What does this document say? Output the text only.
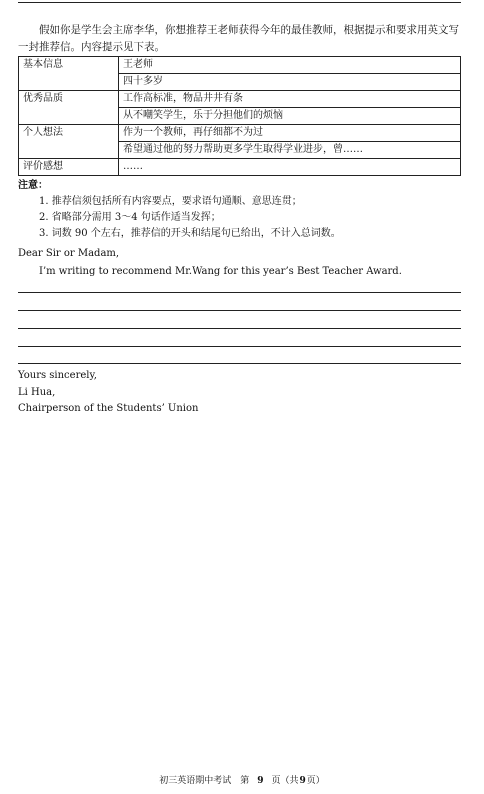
假如你是学生会主席李华，你想推荐王老师获得今年的最佳教师，根据提示和要求用英文写一封推荐信。内容提示见下表。
基本信息	王老师
四十多岁

优秀品质	工作高标准，物品井井有条
从不嘲笑学生，乐于分担他们的烦恼

个人想法	作为一个教师，再仔细都不为过
希望通过他的努力帮助更多学生取得学业进步，曾……

评价感想	……
注意：
1. 推荐信须包括所有内容要点，要求语句通顺、意思连贯；
2. 省略部分需用 3～4 句话作适当发挥；
3. 词数 90 个左右，推荐信的开头和结尾句已给出，不计入总词数。
Dear Sir or Madam,
I’m writing to recommend Mr.Wang for this year’s Best Teacher Award.
Yours sincerely,
Li Hua,
Chairperson of the Students’ Union
初三英语期中考试　第 9 页（共9页）
